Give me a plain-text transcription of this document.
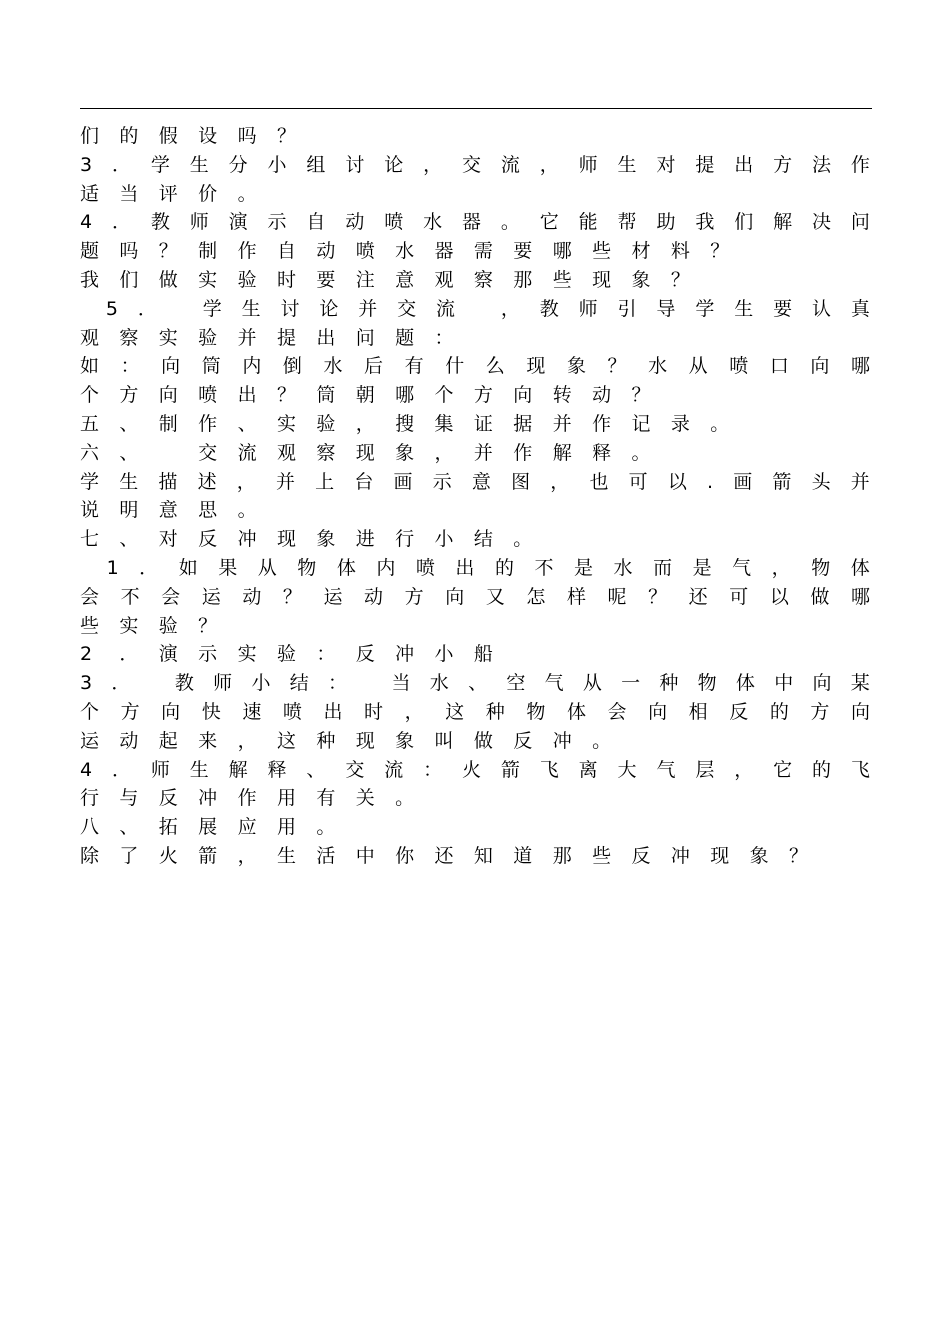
们	的	假	设	吗	？
3 ． 学 生 分 小 组 讨 论 ， 交 流 ， 师 生 对 提 出 方 法 作
适	当	评	价	。
4 ． 教 师 演 示 自 动 喷 水 器 。 它 能 帮 助 我 们 解 决 问
题	吗	？	制	作	自	动	喷	水	器	需	要	哪	些	材	料	？
我	们	做	实	验	时	要	注	意	观	察	那	些	现	象	？

5 ．
学 生 讨 论 并 交 流
， 教 师 引 导 学 生 要 认 真
观	察	实	验	并	提	出	问	题	：
如 ： 向 筒 内 倒 水 后 有 什 么 现 象 ？ 水 从 喷 口 向 哪
个	方	向	喷	出	？	筒	朝	哪	个	方	向	转	动	？
五	、	制	作	、	实	验	，	搜	集	证	据	并	作	记	录	。
六	、
	交	流	观	察	现	象	，	并	作	解	释	。
学 生 描 述 ， 并 上 台 画 示 意 图 ， 也 可 以 . 画 箭 头 并
说	明	意	思	。
七	、	对	反	冲	现	象	进	行	小	结	。

1 ． 如 果 从 物 体 内 喷 出 的 不 是 水 而 是 气 ， 物 体
会 不 会 运 动 ？ 运 动 方 向 又 怎 样 呢 ？ 还 可 以 做 哪
些	实	验	？
2	．	演	示	实	验	：	反	冲	小	船
3 ．
教 师 小 结 ：
当 水 、 空 气 从 一 种 物 体 中 向 某
个 方 向 快 速 喷 出 时 ， 这 种 物 体 会 向 相 反 的 方 向
运	动	起	来	，	这	种	现	象	叫	做	反	冲	。
4 ． 师 生 解 释 、 交 流 ： 火 箭 飞 离 大 气 层 ， 它 的 飞
行	与	反	冲	作	用	有	关	。
八	、	拓	展	应	用	。
除	了	火	箭	，	生	活	中	你	还	知	道	那	些	反	冲	现	象	？
